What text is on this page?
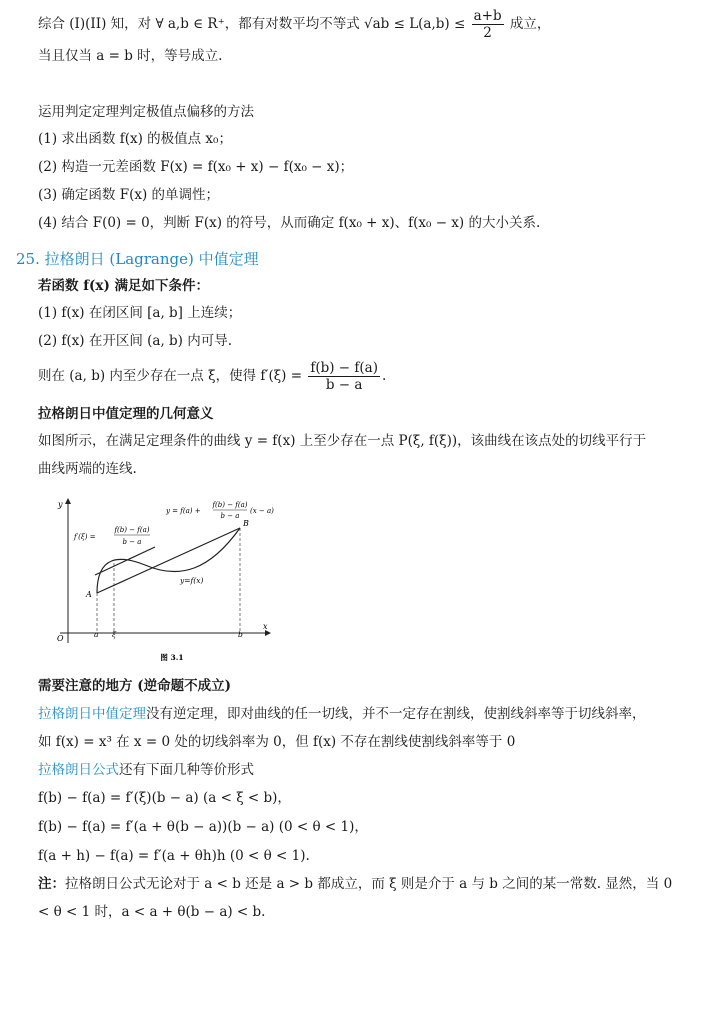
综合 (I)(II) 知，对 ∀ a,b ∈ R⁺，都有对数平均不等式 $√ab \le L(a,b) \le \frac{a+b}{2}$ 成立，
当且仅当 a = b 时，等号成立.
运用判定定理判定极值点偏移的方法
(1) 求出函数 f(x) 的极值点 x₀；
(2) 构造一元差函数 F(x) = f(x₀ + x) − f(x₀ − x)；
(3) 确定函数 F(x) 的单调性；
(4) 结合 F(0) = 0，判断 F(x) 的符号，从而确定 f(x₀ + x)、f(x₀ − x) 的大小关系.
25. 拉格朗日 (Lagrange) 中值定理
若函数 f(x) 满足如下条件：
(1) f(x) 在闭区间 [a, b] 上连续；
(2) f(x) 在开区间 (a, b) 内可导.
则在 (a, b) 内至少存在一点 ξ，使得 $f'(\xi) = \frac{f(b) - f(a)}{b - a}$ .
拉格朗日中值定理的几何意义
如图所示，在满足定理条件的曲线 y = f(x) 上至少存在一点 P(ξ, f(ξ))，该曲线在该点处的切线平行于
曲线两端的连线.
y
x
O
A
B
y=f(x)
a ξ	b
y = f(a) +
f(b) − f(a)
b − a
(x − a)
f′(ξ) =
f(b) − f(a)
b − a
图 3.1
需要注意的地方 (逆命题不成立)
拉格朗日中值定理没有逆定理，即对曲线的任一切线，并不一定存在割线，使割线斜率等于切线斜率，
如 f(x) = x³ 在 x = 0 处的切线斜率为 0，但 f(x) 不存在割线使割线斜率等于 0
拉格朗日公式还有下面几种等价形式
f(b) − f(a) = f′(ξ)(b − a) (a < ξ < b)，
f(b) − f(a) = f′(a + θ(b − a))(b − a) (0 < θ < 1)，
f(a + h) − f(a) = f′(a + θh)h (0 < θ < 1).
注：拉格朗日公式无论对于 a < b 还是 a > b 都成立，而 ξ 则是介于 a 与 b 之间的某一常数. 显然，当 0
< θ < 1 时，a < a + θ(b − a) < b.
